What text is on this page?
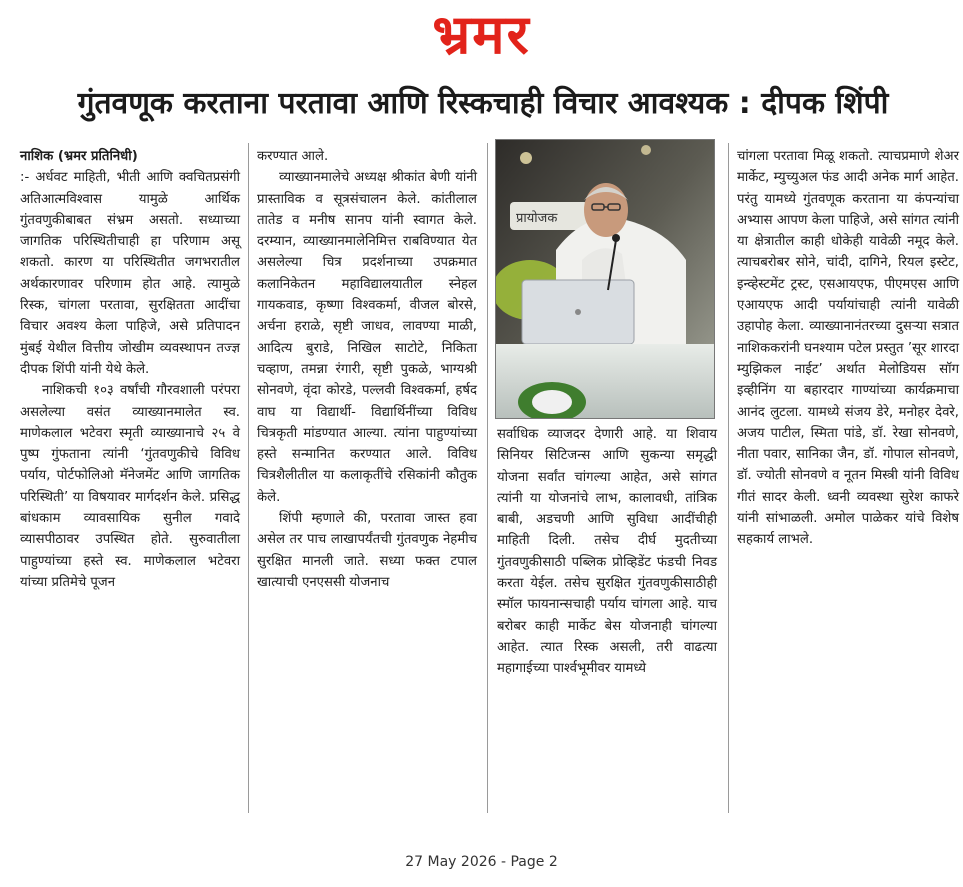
भ्रमर
गुंतवणूक करताना परतावा आणि रिस्कचाही विचार आवश्यक : दीपक शिंपी

नाशिक (भ्रमर प्रतिनिधी)

:- अर्धवट माहिती, भीती आणि क्वचितप्रसंगी अतिआत्मविश्वास यामुळे आर्थिक गुंतवणुकीबाबत संभ्रम असतो. सध्याच्या जागतिक परिस्थितीचाही हा परिणाम असू शकतो. कारण या परिस्थितीत जगभरातील अर्थकारणावर परिणाम होत आहे. त्यामुळे रिस्क, चांगला परतावा, सुरक्षितता आदींचा विचार अवश्य केला पाहिजे, असे प्रतिपादन मुंबई येथील वित्तीय जोखीम व्यवस्थापन तज्ज्ञ दीपक शिंपी यांनी येथे केले.

नाशिकची १०३ वर्षांची गौरवशाली परंपरा असलेल्या वसंत व्याख्यानमालेत स्व. माणेकलाल भटेवरा स्मृती व्याख्यानाचे २५ वे पुष्प गुंफताना त्यांनी ‘गुंतवणुकीचे विविध पर्याय, पोर्टफोलिओ मॅनेजमेंट आणि जागतिक परिस्थिती’ या विषयावर मार्गदर्शन केले. प्रसिद्ध बांधकाम व्यावसायिक सुनील गवादे व्यासपीठावर उपस्थित होते. सुरुवातीला पाहुण्यांच्या हस्ते स्व. माणेकलाल भटेवरा यांच्या प्रतिमेचे पूजन

करण्यात आले.

व्याख्यानमालेचे अध्यक्ष श्रीकांत बेणी यांनी प्रास्ताविक व सूत्रसंचालन केले. कांतीलाल तातेड व मनीष सानप यांनी स्वागत केले. दरम्यान, व्याख्यानमालेनिमित्त राबविण्यात येत असलेल्या चित्र प्रदर्शनाच्या उपक्रमात कलानिकेतन महाविद्यालयातील स्नेहल गायकवाड, कृष्णा विश्वकर्मा, वीजल बोरसे, अर्चना हराळे, सृष्टी जाधव, लावण्या माळी, आदित्य बुराडे, निखिल साटोटे, निकिता चव्हाण, तमन्ना रंगारी, सृष्टी पुकळे, भाग्यश्री सोनवणे, वृंदा कोरडे, पल्लवी विश्वकर्मा, हर्षद वाघ या विद्यार्थी- विद्यार्थिनींच्या विविध चित्रकृती मांडण्यात आल्या. त्यांना पाहुण्यांच्या हस्ते सन्मानित करण्यात आले. विविध चित्रशैलीतील या कलाकृतींचे रसिकांनी कौतुक केले.

शिंपी म्हणाले की, परतावा जास्त हवा असेल तर पाच लाखापर्यंतची गुंतवणुक नेहमीच सुरक्षित मानली जाते. सध्या फक्त टपाल खात्याची एनएससी योजनाच

प्रायोजक

सर्वाधिक व्याजदर देणारी आहे. या शिवाय सिनियर सिटिजन्स आणि सुकन्या समृद्धी योजना सर्वांत चांगल्या आहेत, असे सांगत त्यांनी या योजनांचे लाभ, कालावधी, तांत्रिक बाबी, अडचणी आणि सुविधा आदींचीही माहिती दिली. तसेच दीर्घ मुदतीच्या गुंतवणुकीसाठी पब्लिक प्रोव्हिडेंट फंडची निवड करता येईल. तसेच सुरक्षित गुंतवणुकीसाठीही स्मॉल फायनान्सचाही पर्याय चांगला आहे. याच बरोबर काही मार्केट बेस योजनाही चांगल्या आहेत. त्यात रिस्क असली, तरी वाढत्या महागाईच्या पार्श्वभूमीवर यामध्ये

चांगला परतावा मिळू शकतो. त्याचप्रमाणे शेअर मार्केट, म्युच्युअल फंड आदी अनेक मार्ग आहेत. परंतु यामध्ये गुंतवणूक करताना या कंपन्यांचा अभ्यास आपण केला पाहिजे, असे सांगत त्यांनी या क्षेत्रातील काही धोकेही यावेळी नमूद केले. त्याचबरोबर सोने, चांदी, दागिने, रियल इस्टेट, इन्व्हेस्टमेंट ट्रस्ट, एसआयएफ, पीएमएस आणि एआयएफ आदी पर्यायांचाही त्यांनी यावेळी उहापोह केला. व्याख्यानानंतरच्या दुसऱ्या सत्रात नाशिककरांनी घनश्याम पटेल प्रस्तुत ’सूर शारदा म्युझिकल नाईट’ अर्थात मेलोडियस सॉग इव्हीनिंग या बहारदार गाण्यांच्या कार्यक्रमाचा आनंद लुटला. यामध्ये संजय डेरे, मनोहर देवरे, अजय पाटील, स्मिता पांडे, डॉ. रेखा सोनवणे, नीता पवार, सानिका जैन, डॉ. गोपाल सोनवणे, डॉ. ज्योती सोनवणे व नूतन मिस्त्री यांनी विविध गीतं सादर केली. ध्वनी व्यवस्था सुरेश काफरे यांनी सांभाळली. अमोल पाळेकर यांचे विशेष सहकार्य लाभले.

27 May 2026 - Page 2
